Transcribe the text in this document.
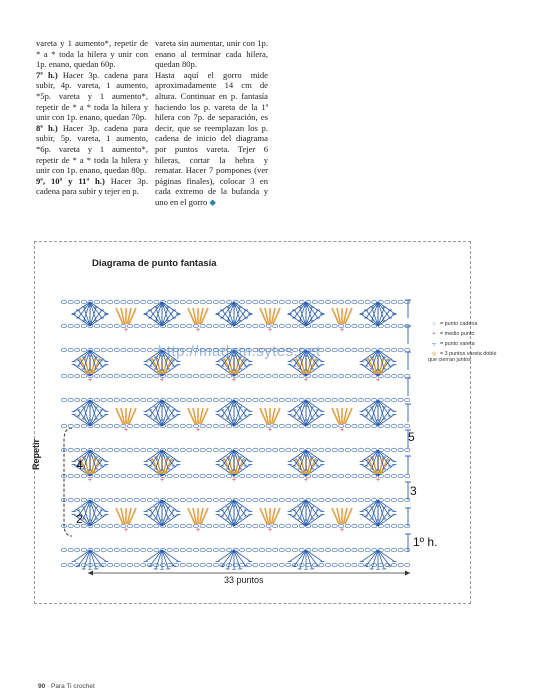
vareta y 1 aumento*, repetir de * a * toda la hilera y unir con 1p. enano, quedan 60p.

7ª h.) Hacer 3p. cadena para subir, 4p. vareta, 1 aumento, *5p. vareta y 1 aumento*, repetir de * a * toda la hilera y unir con 1p. enano, quedan 70p.

8ª h.) Hacer 3p. cadena para subir, 5p. vareta, 1 aumento, *6p. vareta y 1 aumento*, repetir de * a * toda la hilera y unir con 1p. enano, quedan 80p.

9ª, 10ª y 11ª h.) Hacer 3p. cadena para subir y tejer en p.

vareta sin aumentar, unir con 1p. enano al terminar cada hilera, quedan 80p.

Hasta aquí el gorro mide aproximadamente 14 cm de altura. Continuar en p. fantasía haciendo los p. vareta de la 1ª hilera con 7p. de separación, es decir, que se reemplazan los p. cadena de inicio del diagrama por puntos vareta. Tejer 6 hileras, cortar la hebra y rematar. Hacer 7 pompones (ver páginas finales), colocar 3 en cada extremo de la bufanda y uno en el gorro ◆

Diagrama de punto fantasía
+	+	+	+
+	+	+	+	+
+	+	+	+
+	+	+	+	+
+	+	+	+
○ = punto cadena
+ = medio punto
┬ = punto vareta
ψ = 3 puntos vareta doble que cierran juntos
http://madam.sytes.net
5
4
3
2
1º h.
Repetir
33 puntos
90 · Para Ti crochet
